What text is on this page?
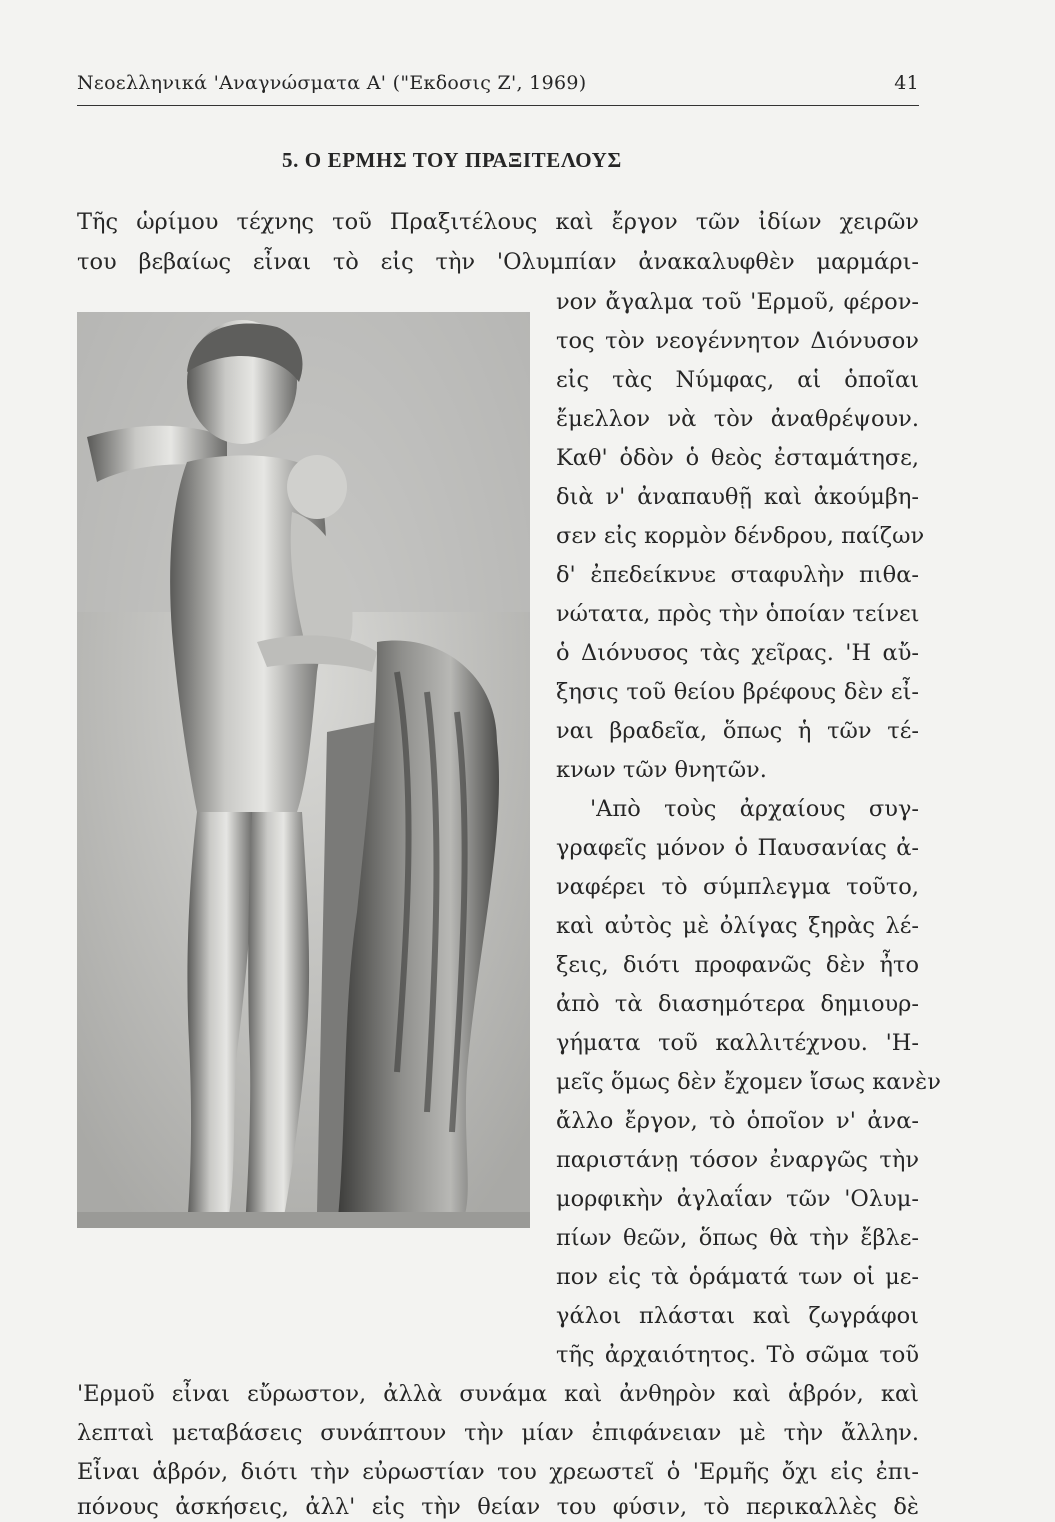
Νεοελληνικά 'Αναγνώσματα Α' ("Εκδοσις Ζ', 1969)	41
5. Ο ΕΡΜΗΣ ΤΟΥ ΠΡΑΞΙΤΕΛΟΥΣ
Τῆς ὡρίμου τέχνης τοῦ Πραξιτέλους καὶ ἔργον τῶν ἰδίων χειρῶν
του βεβαίως εἶναι τὸ εἰς τὴν 'Ολυμπίαν ἀνακαλυφθὲν μαρμάρι-
νον ἄγαλμα τοῦ 'Ερμοῦ, φέρον-
τος τὸν νεογέννητον Διόνυσον
εἰς τὰς Νύμφας, αἱ ὁποῖαι
ἔμελλον νὰ τὸν ἀναθρέψουν.
Καθ' ὁδὸν ὁ θεὸς ἐσταμάτησε,
διὰ ν' ἀναπαυθῇ καὶ ἀκούμβη-
σεν εἰς κορμὸν δένδρου, παίζων
δ' ἐπεδείκνυε σταφυλὴν πιθα-
νώτατα, πρὸς τὴν ὁποίαν τείνει
ὁ Διόνυσος τὰς χεῖρας. 'Η αὔ-
ξησις τοῦ θείου βρέφους δὲν εἶ-
ναι βραδεῖα, ὅπως ἡ τῶν τέ-
κνων τῶν θνητῶν.
'Απὸ τοὺς ἀρχαίους συγ-
γραφεῖς μόνον ὁ Παυσανίας ἀ-
ναφέρει τὸ σύμπλεγμα τοῦτο,
καὶ αὐτὸς μὲ ὀλίγας ξηρὰς λέ-
ξεις, διότι προφανῶς δὲν ἦτο
ἀπὸ τὰ διασημότερα δημιουρ-
γήματα τοῦ καλλιτέχνου. 'Η-
μεῖς ὅμως δὲν ἔχομεν ἴσως κανὲν
ἄλλο ἔργον, τὸ ὁποῖον ν' ἀνα-
παριστάνῃ τόσον ἐναργῶς τὴν
μορφικὴν ἀγλαΐαν τῶν 'Ολυμ-
πίων θεῶν, ὅπως θὰ τὴν ἔβλε-
πον εἰς τὰ ὁράματά των οἱ με-
γάλοι πλάσται καὶ ζωγράφοι
τῆς ἀρχαιότητος. Τὸ σῶμα τοῦ
'Ερμοῦ εἶναι εὔρωστον, ἀλλὰ συνάμα καὶ ἀνθηρὸν καὶ ἁβρόν, καὶ
λεπταὶ μεταβάσεις συνάπτουν τὴν μίαν ἐπιφάνειαν μὲ τὴν ἄλλην.
Εἶναι ἁβρόν, διότι τὴν εὐρωστίαν του χρεωστεῖ ὁ 'Ερμῆς ὄχι εἰς ἐπι-
πόνους ἀσκήσεις, ἀλλ' εἰς τὴν θείαν του φύσιν, τὸ περικαλλὲς δὲ
